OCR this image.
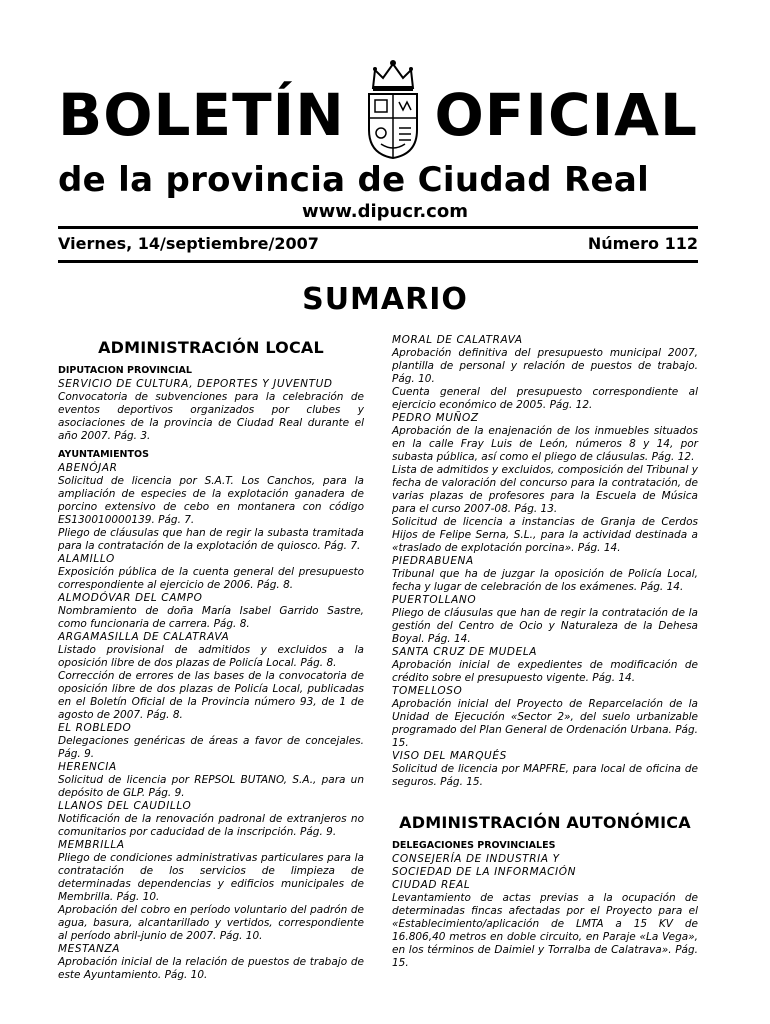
BOLETÍN OFICIAL
de la provincia de Ciudad Real
www.dipucr.com
Viernes, 14/septiembre/2007	Número 112
SUMARIO
ADMINISTRACIÓN LOCAL
DIPUTACION PROVINCIAL
SERVICIO DE CULTURA, DEPORTES Y JUVENTUD
Convocatoria de subvenciones para la celebración de eventos deportivos organizados por clubes y asociaciones de la provincia de Ciudad Real durante el año 2007. Pág. 3.
AYUNTAMIENTOS
ABENÓJAR
Solicitud de licencia por S.A.T. Los Canchos, para la ampliación de especies de la explotación ganadera de porcino extensivo de cebo en montanera con código ES130010000139. Pág. 7.
Pliego de cláusulas que han de regir la subasta tramitada para la contratación de la explotación de quiosco. Pág. 7.
ALAMILLO
Exposición pública de la cuenta general del presupuesto correspondiente al ejercicio de 2006. Pág. 8.
ALMODÓVAR DEL CAMPO
Nombramiento de doña María Isabel Garrido Sastre, como funcionaria de carrera. Pág. 8.
ARGAMASILLA DE CALATRAVA
Listado provisional de admitidos y excluidos a la oposición libre de dos plazas de Policía Local. Pág. 8.
Corrección de errores de las bases de la convocatoria de oposición libre de dos plazas de Policía Local, publicadas en el Boletín Oficial de la Provincia número 93, de 1 de agosto de 2007. Pág. 8.
EL ROBLEDO
Delegaciones genéricas de áreas a favor de concejales. Pág. 9.
HERENCIA
Solicitud de licencia por REPSOL BUTANO, S.A., para un depósito de GLP. Pág. 9.
LLANOS DEL CAUDILLO
Notificación de la renovación padronal de extranjeros no comunitarios por caducidad de la inscripción. Pág. 9.
MEMBRILLA
Pliego de condiciones administrativas particulares para la contratación de los servicios de limpieza de determinadas dependencias y edificios municipales de Membrilla. Pág. 10.
Aprobación del cobro en período voluntario del padrón de agua, basura, alcantarillado y vertidos, correspondiente al período abril-junio de 2007. Pág. 10.
MESTANZA
Aprobación inicial de la relación de puestos de trabajo de este Ayuntamiento. Pág. 10.
MORAL DE CALATRAVA
Aprobación definitiva del presupuesto municipal 2007, plantilla de personal y relación de puestos de trabajo. Pág. 10.
Cuenta general del presupuesto correspondiente al ejercicio económico de 2005. Pág. 12.
PEDRO MUÑOZ
Aprobación de la enajenación de los inmuebles situados en la calle Fray Luis de León, números 8 y 14, por subasta pública, así como el pliego de cláusulas. Pág. 12.
Lista de admitidos y excluidos, composición del Tribunal y fecha de valoración del concurso para la contratación, de varias plazas de profesores para la Escuela de Música para el curso 2007-08. Pág. 13.
Solicitud de licencia a instancias de Granja de Cerdos Hijos de Felipe Serna, S.L., para la actividad destinada a «traslado de explotación porcina». Pág. 14.
PIEDRABUENA
Tribunal que ha de juzgar la oposición de Policía Local, fecha y lugar de celebración de los exámenes. Pág. 14.
PUERTOLLANO
Pliego de cláusulas que han de regir la contratación de la gestión del Centro de Ocio y Naturaleza de la Dehesa Boyal. Pág. 14.
SANTA CRUZ DE MUDELA
Aprobación inicial de expedientes de modificación de crédito sobre el presupuesto vigente. Pág. 14.
TOMELLOSO
Aprobación inicial del Proyecto de Reparcelación de la Unidad de Ejecución «Sector 2», del suelo urbanizable programado del Plan General de Ordenación Urbana. Pág. 15.
VISO DEL MARQUÉS
Solicitud de licencia por MAPFRE, para local de oficina de seguros. Pág. 15.
ADMINISTRACIÓN AUTONÓMICA
DELEGACIONES PROVINCIALES
CONSEJERÍA DE INDUSTRIA Y
SOCIEDAD DE LA INFORMACIÓN
CIUDAD REAL
Levantamiento de actas previas a la ocupación de determinadas fincas afectadas por el Proyecto para el «Establecimiento/aplicación de LMTA a 15 KV de 16.806,40 metros en doble circuito, en Paraje «La Vega», en los términos de Daimiel y Torralba de Calatrava». Pág. 15.
